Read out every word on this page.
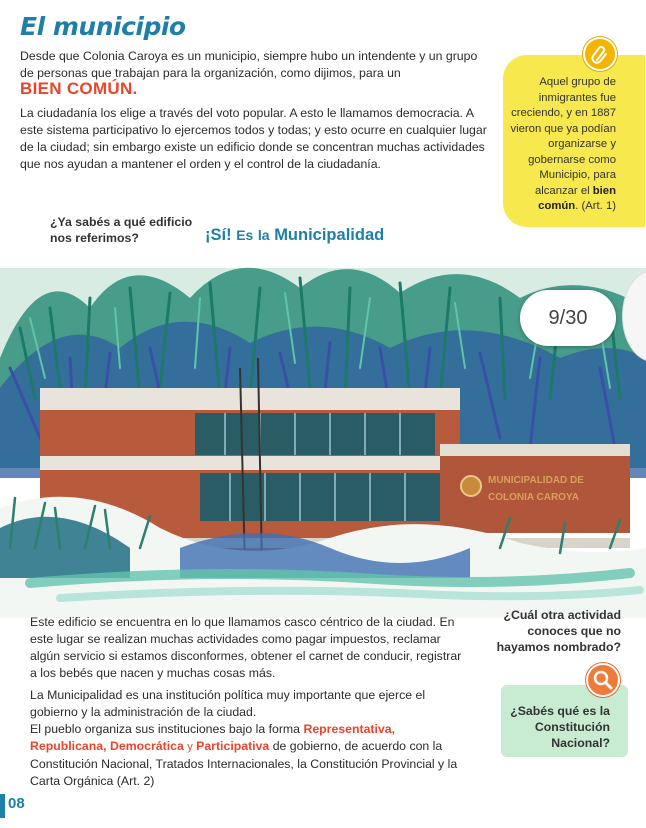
El municipio
Desde que Colonia Caroya es un municipio, siempre hubo un intendente y un grupo de personas que trabajan para la organización, como dijimos, para un
BIEN COMÚN.
La ciudadanía los elige a través del voto popular. A esto le llamamos democracia. A este sistema participativo lo ejercemos todos y todas; y esto ocurre en cualquier lugar de la ciudad; sin embargo existe un edificio donde se concentran muchas actividades que nos ayudan a mantener el orden y el control de la ciudadanía.
Aquel grupo de inmigrantes fue creciendo, y en 1887 vieron que ya podían organizarse y gobernarse como Municipio, para alcanzar el bien común. (Art. 1)
¿Ya sabés a qué edificio nos referimos?	¡Sí! Es la Municipalidad
MUNICIPALIDAD DE
COLONIA CAROYA
9/30
Este edificio se encuentra en lo que llamamos casco céntrico de la ciudad. En este lugar se realizan muchas actividades como pagar impuestos, reclamar algún servicio si estamos disconformes, obtener el carnet de conducir, registrar a los bebés que nacen y muchas cosas más.
La Municipalidad es una institución política muy importante que ejerce el gobierno y la administración de la ciudad.
El pueblo organiza sus instituciones bajo la forma Representativa, Republicana, Democrática y Participativa de gobierno, de acuerdo con la Constitución Nacional, Tratados Internacionales, la Constitución Provincial y la Carta Orgánica (Art. 2)
¿Cuál otra actividad conoces que no hayamos nombrado?
¿Sabés qué es la Constitución Nacional?
08
